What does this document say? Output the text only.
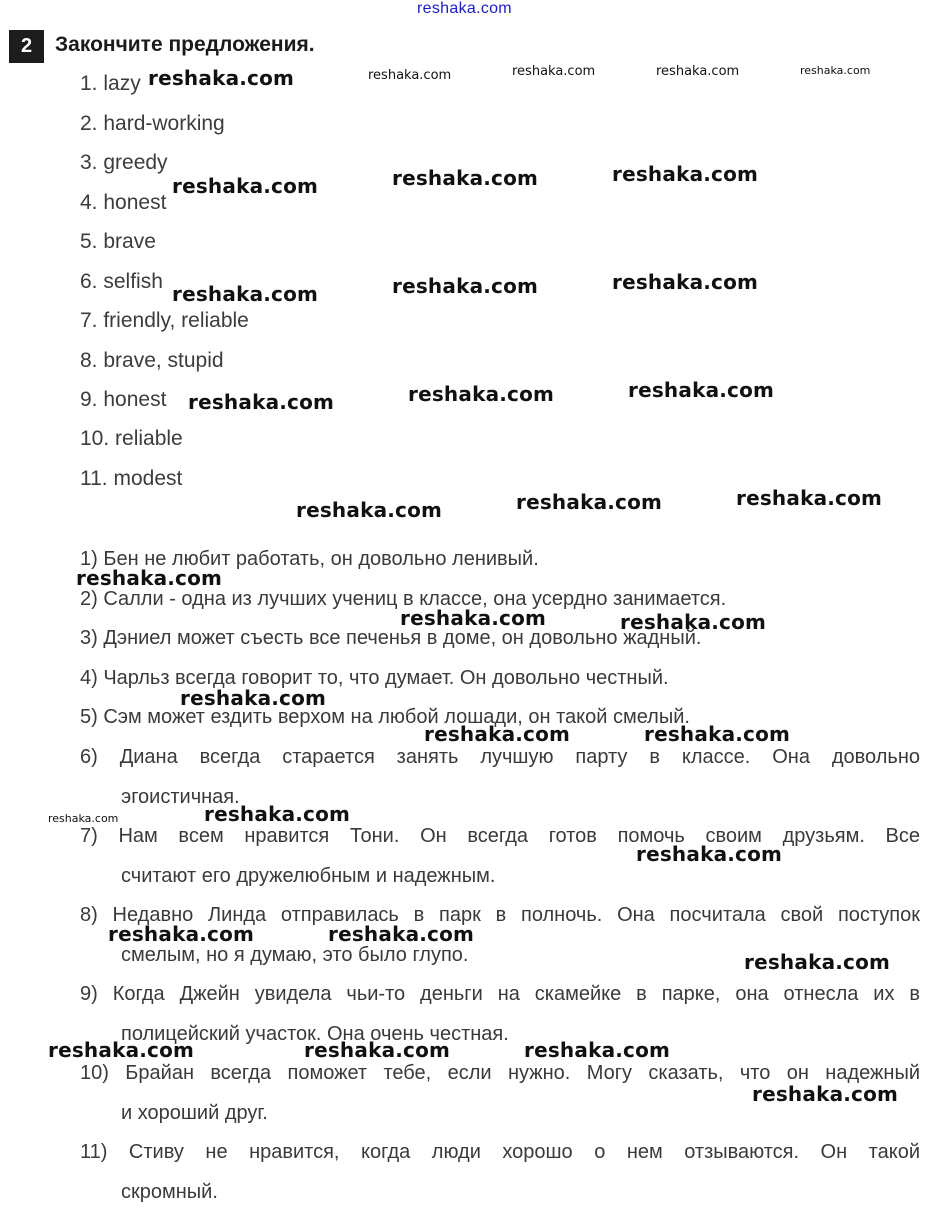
reshaka.com
2	Закончите предложения.
1. lazy
2. hard-working
3. greedy
4. honest
5. brave
6. selfish
7. friendly, reliable
8. brave, stupid
9. honest
10. reliable
11. modest
1) Бен не любит работать, он довольно ленивый.
2) Салли - одна из лучших учениц в классе, она усердно занимается.
3) Дэниел может съесть все печенья в доме, он довольно жадный.
4) Чарльз всегда говорит то, что думает. Он довольно честный.
5) Сэм может ездить верхом на любой лошади, он такой смелый.
6) Диана всегда старается занять лучшую парту в классе. Она довольно
эгоистичная.
7) Нам всем нравится Тони. Он всегда готов помочь своим друзьям. Все
считают его дружелюбным и надежным.
8) Недавно Линда отправилась в парк в полночь. Она посчитала свой поступок
смелым, но я думаю, это было глупо.
9) Когда Джейн увидела чьи-то деньги на скамейке в парке, она отнесла их в
полицейский участок. Она очень честная.
10) Брайан всегда поможет тебе, если нужно. Могу сказать, что он надежный
и хороший друг.
11) Стиву не нравится, когда люди хорошо о нем отзываются. Он такой
скромный.
reshaka.com	reshaka.com	reshaka.com	reshaka.com	reshaka.com
reshaka.com	reshaka.com	reshaka.com
reshaka.com	reshaka.com	reshaka.com
reshaka.com	reshaka.com	reshaka.com
reshaka.com	reshaka.com	reshaka.com
reshaka.com
reshaka.com	reshaka.com
reshaka.com
reshaka.com	reshaka.com
reshaka.com	reshaka.com
reshaka.com
reshaka.com	reshaka.com
reshaka.com
reshaka.com	reshaka.com	reshaka.com
reshaka.com
